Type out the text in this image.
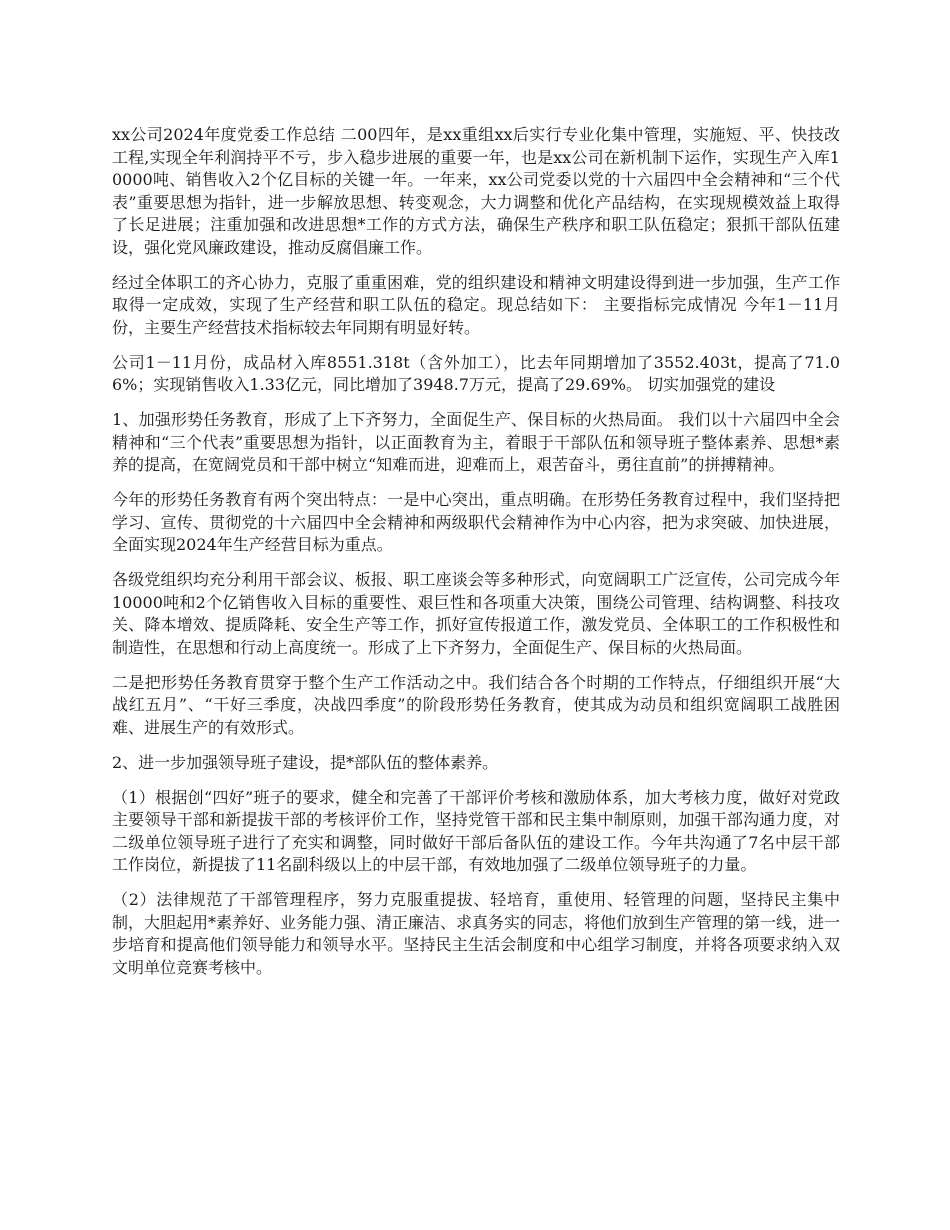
xx公司2024年度党委工作总结 二00四年，是xx重组xx后实行专业化集中管理，实施短、平、快技改工程,实现全年利润持平不亏，步入稳步进展的重要一年，也是xx公司在新机制下运作，实现生产入库10000吨、销售收入2个亿目标的关键一年。一年来，xx公司党委以党的十六届四中全会精神和“三个代表”重要思想为指针，进一步解放思想、转变观念，大力调整和优化产品结构，在实现规模效益上取得了长足进展；注重加强和改进思想*工作的方式方法，确保生产秩序和职工队伍稳定；狠抓干部队伍建设，强化党风廉政建设，推动反腐倡廉工作。

经过全体职工的齐心协力，克服了重重困难，党的组织建设和精神文明建设得到进一步加强，生产工作取得一定成效，实现了生产经营和职工队伍的稳定。现总结如下： 主要指标完成情况 今年1－11月份，主要生产经营技术指标较去年同期有明显好转。

公司1－11月份，成品材入库8551.318t（含外加工），比去年同期增加了3552.403t，提高了71.06%；实现销售收入1.33亿元，同比增加了3948.7万元，提高了29.69%。 切实加强党的建设

1、加强形势任务教育，形成了上下齐努力，全面促生产、保目标的火热局面。 我们以十六届四中全会精神和“三个代表”重要思想为指针，以正面教育为主，着眼于干部队伍和领导班子整体素养、思想*素养的提高，在宽阔党员和干部中树立“知难而进，迎难而上，艰苦奋斗，勇往直前”的拼搏精神。

今年的形势任务教育有两个突出特点：一是中心突出，重点明确。在形势任务教育过程中，我们坚持把学习、宣传、贯彻党的十六届四中全会精神和两级职代会精神作为中心内容，把为求突破、加快进展，全面实现2024年生产经营目标为重点。

各级党组织均充分利用干部会议、板报、职工座谈会等多种形式，向宽阔职工广泛宣传，公司完成今年10000吨和2个亿销售收入目标的重要性、艰巨性和各项重大决策，围绕公司管理、结构调整、科技攻关、降本增效、提质降耗、安全生产等工作，抓好宣传报道工作，激发党员、全体职工的工作积极性和制造性，在思想和行动上高度统一。形成了上下齐努力，全面促生产、保目标的火热局面。

二是把形势任务教育贯穿于整个生产工作活动之中。我们结合各个时期的工作特点，仔细组织开展“大战红五月”、“干好三季度，决战四季度”的阶段形势任务教育，使其成为动员和组织宽阔职工战胜困难、进展生产的有效形式。

2、进一步加强领导班子建设，提*部队伍的整体素养。

（1）根据创“四好”班子的要求，健全和完善了干部评价考核和激励体系，加大考核力度，做好对党政主要领导干部和新提拔干部的考核评价工作，坚持党管干部和民主集中制原则，加强干部沟通力度，对二级单位领导班子进行了充实和调整，同时做好干部后备队伍的建设工作。今年共沟通了7名中层干部工作岗位，新提拔了11名副科级以上的中层干部，有效地加强了二级单位领导班子的力量。

（2）法律规范了干部管理程序，努力克服重提拔、轻培育，重使用、轻管理的问题，坚持民主集中制，大胆起用*素养好、业务能力强、清正廉洁、求真务实的同志，将他们放到生产管理的第一线，进一步培育和提高他们领导能力和领导水平。坚持民主生活会制度和中心组学习制度，并将各项要求纳入双文明单位竞赛考核中。
